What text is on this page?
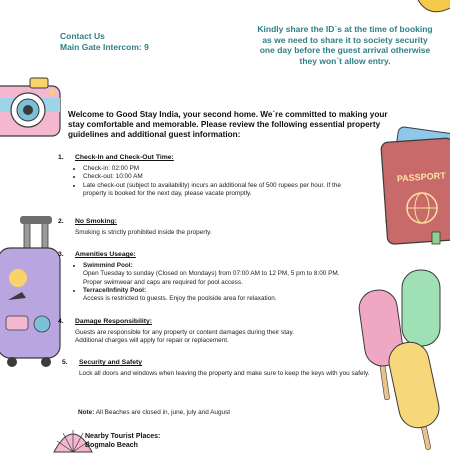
PASSPORT
Contact Us
Main Gate Intercom: 9
Kindly share the ID`s at the time of booking as we need to share it to society security one day before the guest arrival otherwise they won`t allow entry.
Welcome to Good Stay India, your second home. We`re committed to making your stay comfortable and memorable. Please review the following essential property guidelines and additional guest information:
1. Check-In and Check-Out Time:
• Check-in: 02:00 PM
• Check-out: 10:00 AM
• Late check-out (subject to availability) incurs an additional fee of 500 rupees per hour. If the property is booked for the next day, please vacate promptly.
2. No Smoking:

Smoking is strictly prohibited inside the property.

3. Amenities Useage:
• Swimmind Pool:

Open Tuesday to sunday (Closed on Mondays) from 07:00 AM to 12 PM, 5 pm to 8:00 PM.

Proper swimwear and caps are required for pool access.

• Terrace/Infinity Pool:

Access is restricted to guests. Enjoy the poolside area for relaxation.

4. Damage Responsibility:

Guests are responsible for any property or content damages during their stay.

Additional charges will apply for repair or replacement.

5. Security and Safety

Lock all doors and windows when leaving the property and make sure to keep the keys with you safely.

Note: All Beaches are closed in, june, july and August
Nearby Tourist Places:
Bogmalo Beach
